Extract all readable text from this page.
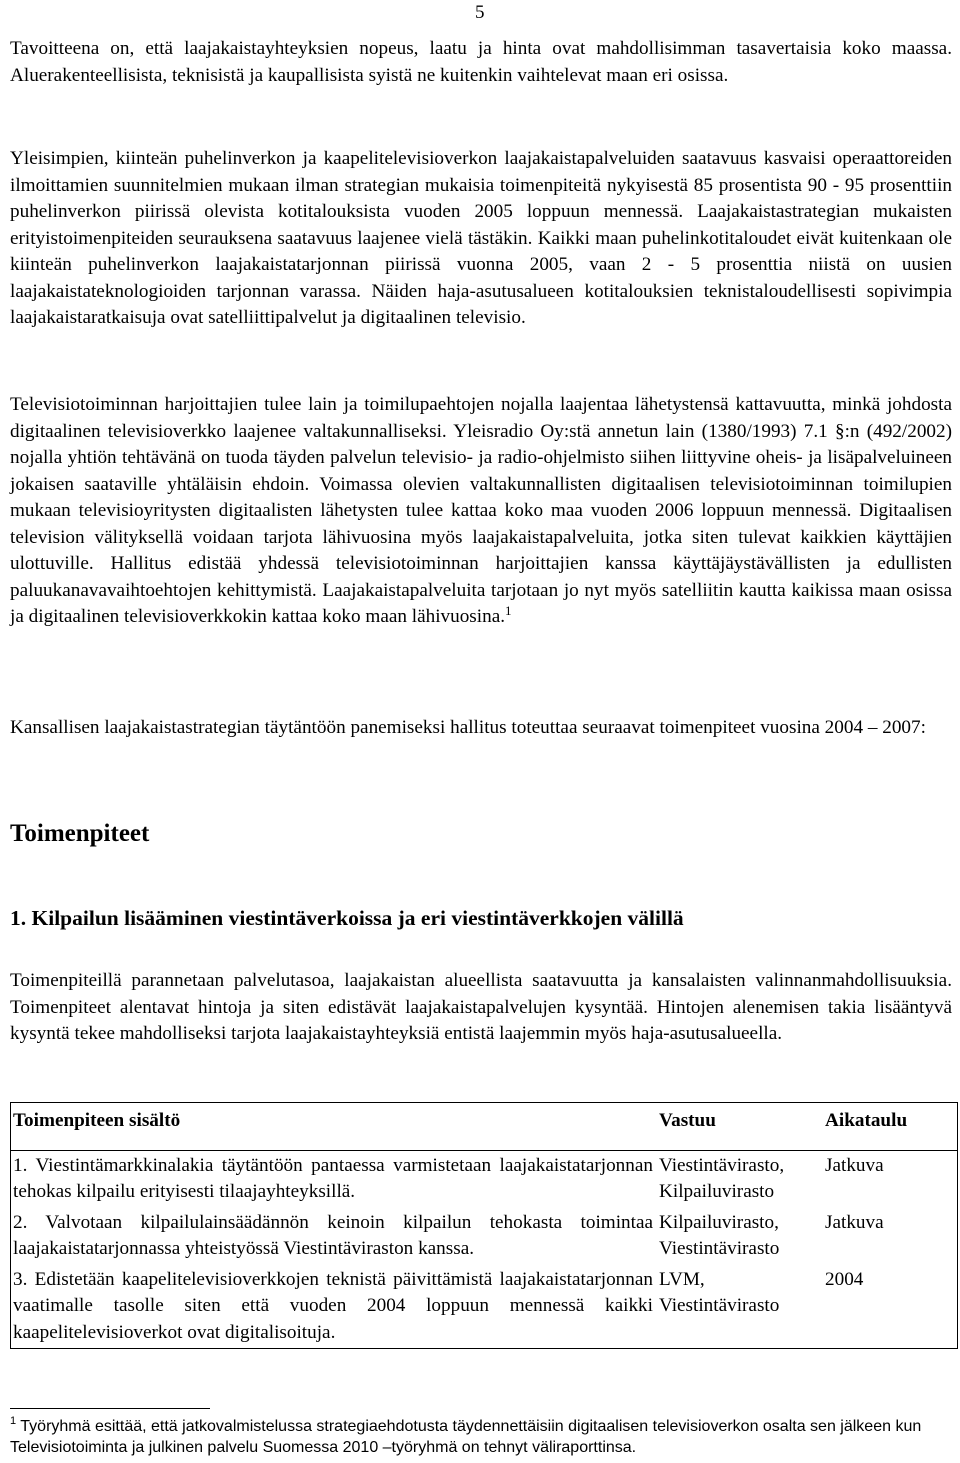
5

Tavoitteena on, että laajakaistayhteyksien nopeus, laatu ja hinta ovat mahdollisimman tasavertaisia koko maassa. Aluerakenteellisista, teknisistä ja kaupallisista syistä ne kuitenkin vaihtelevat maan eri osissa.

Yleisimpien, kiinteän puhelinverkon ja kaapelitelevisioverkon laajakaistapalveluiden saatavuus kasvaisi operaattoreiden ilmoittamien suunnitelmien mukaan ilman strategian mukaisia toimenpiteitä nykyisestä 85 prosentista 90 - 95 prosenttiin puhelinverkon piirissä olevista kotitalouksista vuoden 2005 loppuun mennessä. Laajakaistastrategian mukaisten erityistoimenpiteiden seurauksena saatavuus laajenee vielä tästäkin. Kaikki maan puhelinkotitaloudet eivät kuitenkaan ole kiinteän puhelinverkon laajakaistatarjonnan piirissä vuonna 2005, vaan 2 - 5 prosenttia niistä on uusien laajakaistateknologioiden tarjonnan varassa. Näiden haja-asutusalueen kotitalouksien teknistaloudellisesti sopivimpia laajakaistaratkaisuja ovat satelliittipalvelut ja digitaalinen televisio.

Televisiotoiminnan harjoittajien tulee lain ja toimilupaehtojen nojalla laajentaa lähetystensä kattavuutta, minkä johdosta digitaalinen televisioverkko laajenee valtakunnalliseksi. Yleisradio Oy:stä annetun lain (1380/1993) 7.1 §:n (492/2002) nojalla yhtiön tehtävänä on tuoda täyden palvelun televisio- ja radio-ohjelmisto siihen liittyvine oheis- ja lisäpalveluineen jokaisen saataville yhtäläisin ehdoin. Voimassa olevien valtakunnallisten digitaalisen televisiotoiminnan toimilupien mukaan televisioyritysten digitaalisten lähetysten tulee kattaa koko maa vuoden 2006 loppuun mennessä. Digitaalisen television välityksellä voidaan tarjota lähivuosina myös laajakaistapalveluita, jotka siten tulevat kaikkien käyttäjien ulottuville. Hallitus edistää yhdessä televisiotoiminnan harjoittajien kanssa käyttäjäystävällisten ja edullisten paluukanavavaihtoehtojen kehittymistä. Laajakaistapalveluita tarjotaan jo nyt myös satelliitin kautta kaikissa maan osissa ja digitaalinen televisioverkkokin kattaa koko maan lähivuosina.$^1$

Kansallisen laajakaistastrategian täytäntöön panemiseksi hallitus toteuttaa seuraavat toimenpiteet vuosina 2004 – 2007:

Toimenpiteet
1. Kilpailun lisääminen viestintäverkoissa ja eri viestintäverkkojen välillä

Toimenpiteillä parannetaan palvelutasoa, laajakaistan alueellista saatavuutta ja kansalaisten valinnanmahdollisuuksia. Toimenpiteet alentavat hintoja ja siten edistävät laajakaistapalvelujen kysyntää. Hintojen alenemisen takia lisääntyvä kysyntä tekee mahdolliseksi tarjota laajakaistayhteyksiä entistä laajemmin myös haja-asutusalueella.

Toimenpiteen sisältö	Vastuu	Aikataulu
1. Viestintämarkkinalakia täytäntöön pantaessa varmistetaan laajakaistatarjonnan tehokas kilpailu erityisesti tilaajayhteyksillä.	Viestintävirasto, Kilpailuvirasto	Jatkuva
2. Valvotaan kilpailulainsäädännön keinoin kilpailun tehokasta toimintaa laajakaistatarjonnassa yhteistyössä Viestintäviraston kanssa.	Kilpailuvirasto, Viestintävirasto	Jatkuva
3. Edistetään kaapelitelevisioverkkojen teknistä päivittämistä laajakaistatarjonnan vaatimalle tasolle siten että vuoden 2004 loppuun mennessä kaikki kaapelitelevisioverkot ovat digitalisoituja.	LVM, Viestintävirasto	2004
$^1$ Työryhmä esittää, että jatkovalmistelussa strategiaehdotusta täydennettäisiin digitaalisen televisioverkon osalta sen jälkeen kun Televisiotoiminta ja julkinen palvelu Suomessa 2010 –työryhmä on tehnyt väliraporttinsa.
